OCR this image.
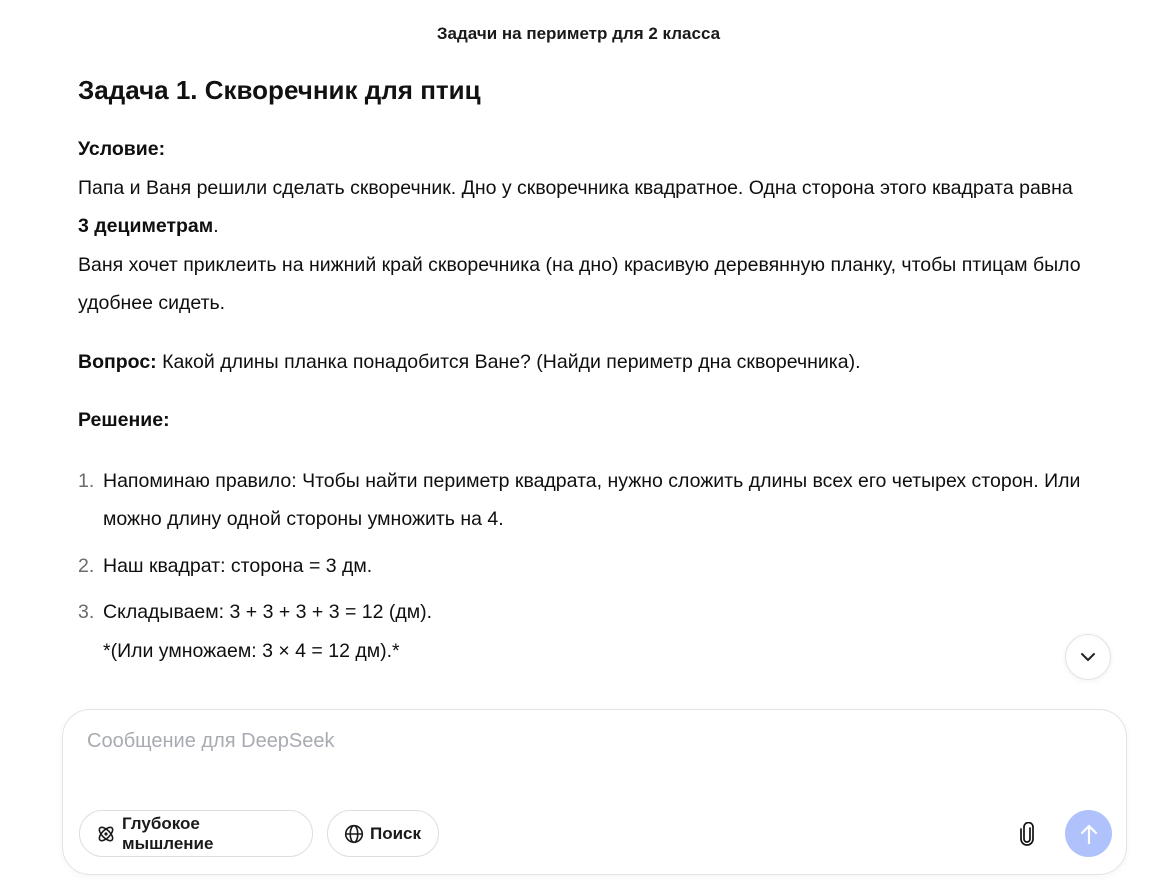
Задачи на периметр для 2 класса
Задача 1. Скворечник для птиц
Условие:
Папа и Ваня решили сделать скворечник. Дно у скворечника квадратное. Одна сторона этого квадрата равна 3 дециметрам.
Ваня хочет приклеить на нижний край скворечника (на дно) красивую деревянную планку, чтобы птицам было удобнее сидеть.
Вопрос: Какой длины планка понадобится Ване? (Найди периметр дна скворечника).
Решение:
1. Напоминаю правило: Чтобы найти периметр квадрата, нужно сложить длины всех его четырех сторон. Или можно длину одной стороны умножить на 4.
2. Наш квадрат: сторона = 3 дм.
3. Складываем: 3 + 3 + 3 + 3 = 12 (дм).
*(Или умножаем: 3 × 4 = 12 дм).*
Сообщение для DeepSeek
Глубокое мышление
Поиск
